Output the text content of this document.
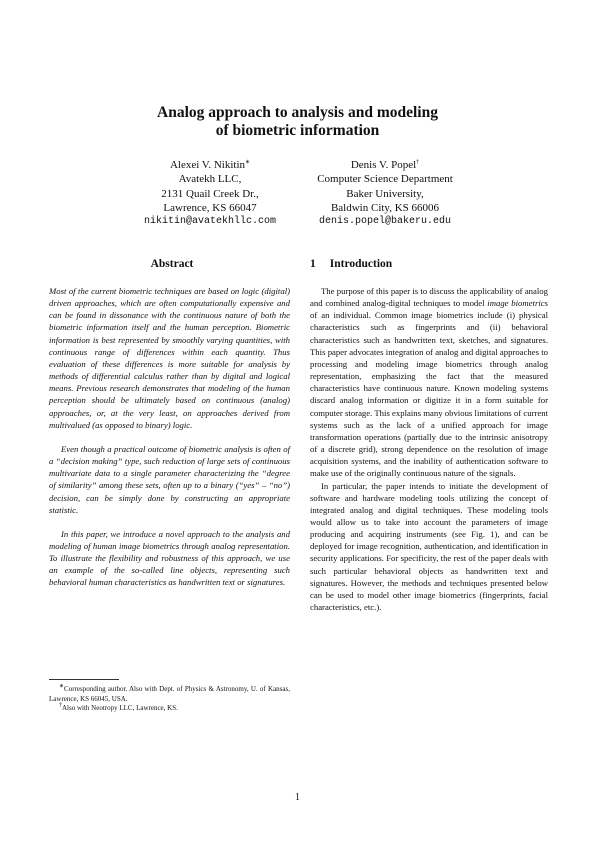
Analog approach to analysis and modeling
of biometric information
Alexei V. Nikitin∗
Avatekh LLC,
2131 Quail Creek Dr.,
Lawrence, KS 66047
nikitin@avatekhllc.com
Denis V. Popel†
Computer Science Department
Baker University,
Baldwin City, KS 66006
denis.popel@bakeru.edu
Abstract	1 Introduction

Most of the current biometric techniques are based on logic (digital) driven approaches, which are often computationally expensive and can be found in dissonance with the continuous nature of both the biometric information itself and the human perception. Biometric information is best represented by smoothly varying quantities, with continuous range of differences within each quantity. Thus evaluation of these differences is more suitable for analysis by methods of differential calculus rather than by digital and logical means. Previous research demonstrates that modeling of the human perception should be ultimately based on continuous (analog) approaches, or, at the very least, on approaches derived from multivalued (as opposed to binary) logic.

Even though a practical outcome of biometric analysis is often of a “decision making” type, such reduction of large sets of continuous multivariate data to a single parameter characterizing the “degree of similarity” among these sets, often up to a binary (“yes” – “no”) decision, can be simply done by constructing an appropriate statistic.

In this paper, we introduce a novel approach to the analysis and modeling of human image biometrics through analog representation. To illustrate the flexibility and robustness of this approach, we use an example of the so-called line objects, representing such behavioral human characteristics as handwritten text or signatures.

The purpose of this paper is to discuss the applicability of analog and combined analog-digital techniques to model image biometrics of an individual. Common image biometrics include (i) physical characteristics such as fingerprints and (ii) behavioral characteristics such as handwritten text, sketches, and signatures. This paper advocates integration of analog and digital approaches to processing and modeling image biometrics through analog representation, emphasizing the fact that the measured characteristics have continuous nature. Known modeling systems discard analog information or digitize it in a form suitable for computer storage. This explains many obvious limitations of current systems such as the lack of a unified approach for image transformation operations (partially due to the intrinsic anisotropy of a discrete grid), strong dependence on the resolution of image acquisition systems, and the inability of authentication software to make use of the originally continuous nature of the signals.

In particular, the paper intends to initiate the development of software and hardware modeling tools utilizing the concept of integrated analog and digital techniques. These modeling tools would allow us to take into account the parameters of image producing and acquiring instruments (see Fig. 1), and can be deployed for image recognition, authentication, and identification in security applications. For specificity, the rest of the paper deals with such particular behavioral objects as handwritten text and signatures. However, the methods and techniques presented below can be used to model other image biometrics (fingerprints, facial characteristics, etc.).

∗Corresponding author. Also with Dept. of Physics & Astronomy, U. of Kansas, Lawrence, KS 66045, USA.
†Also with Neotropy LLC, Lawrence, KS.
1
